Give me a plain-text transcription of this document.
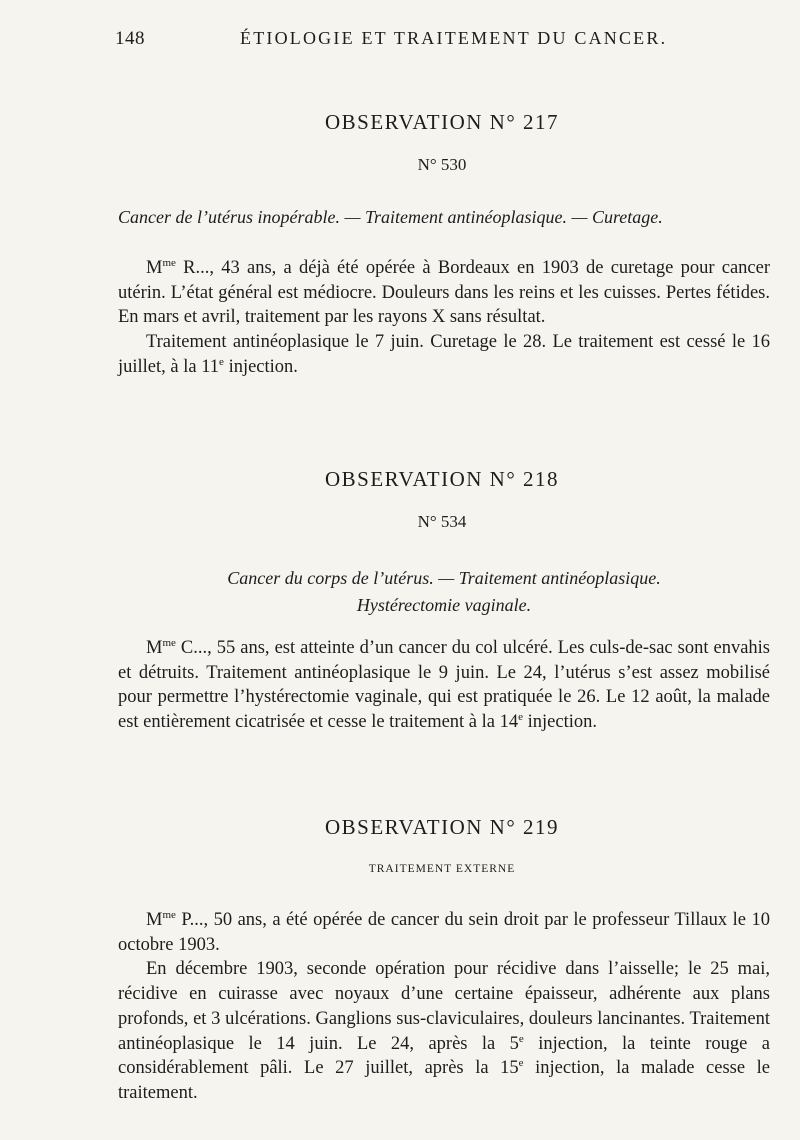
148	ÉTIOLOGIE ET TRAITEMENT DU CANCER.
OBSERVATION N° 217
N° 530
Cancer de l’utérus inopérable. — Traitement antinéoplasique. — Curetage.

$M^{me}$ R..., 43 ans, a déjà été opérée à Bordeaux en 1903 de curetage pour cancer utérin. L’état général est médiocre. Douleurs dans les reins et les cuisses. Pertes fétides. En mars et avril, traitement par les rayons X sans résultat.

Traitement antinéoplasique le 7 juin. Curetage le 28. Le traitement est cessé le 16 juillet, à la 11e injection.

OBSERVATION N° 218
N° 534
Cancer du corps de l’utérus. — Traitement antinéoplasique.
Hystérectomie vaginale.

$M^{me}$ C..., 55 ans, est atteinte d’un cancer du col ulcéré. Les culs-de-sac sont envahis et détruits. Traitement antinéoplasique le 9 juin. Le 24, l’utérus s’est assez mobilisé pour permettre l’hystérectomie vaginale, qui est pratiquée le 26. Le 12 août, la malade est entièrement cicatrisée et cesse le traitement à la 14e injection.

OBSERVATION N° 219
TRAITEMENT EXTERNE

$M^{me}$ P..., 50 ans, a été opérée de cancer du sein droit par le professeur Tillaux le 10 octobre 1903.

En décembre 1903, seconde opération pour récidive dans l’aisselle; le 25 mai, récidive en cuirasse avec noyaux d’une certaine épaisseur, adhérente aux plans profonds, et 3 ulcérations. Ganglions sus-claviculaires, douleurs lancinantes. Traitement antinéoplasique le 14 juin. Le 24, après la 5e injection, la teinte rouge a considérablement pâli. Le 27 juillet, après la 15e injection, la malade cesse le traitement.
